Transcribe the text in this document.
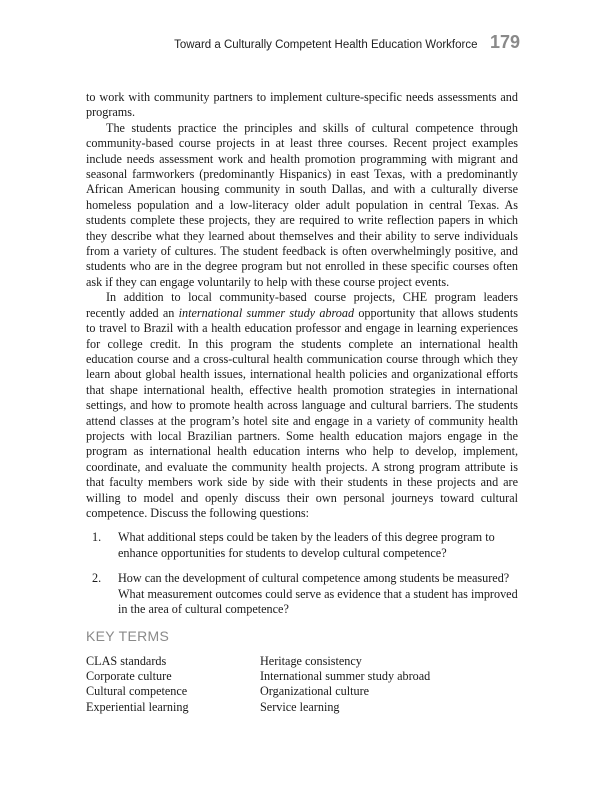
Toward a Culturally Competent Health Education Workforce 179

to work with community partners to implement culture-specific needs assessments and programs.

The students practice the principles and skills of cultural competence through community-based course projects in at least three courses. Recent project examples include needs assessment work and health promotion programming with migrant and seasonal farmworkers (predominantly Hispanics) in east Texas, with a predominantly African American housing community in south Dallas, and with a culturally diverse homeless population and a low-literacy older adult population in central Texas. As students complete these projects, they are required to write reflection papers in which they describe what they learned about themselves and their ability to serve individuals from a variety of cultures. The student feedback is often overwhelmingly positive, and students who are in the degree program but not enrolled in these specific courses often ask if they can engage voluntarily to help with these course project events.

In addition to local community-based course projects, CHE program leaders recently added an international summer study abroad opportunity that allows students to travel to Brazil with a health education professor and engage in learning experiences for college credit. In this program the students complete an international health education course and a cross-cultural health communication course through which they learn about global health issues, international health policies and organizational efforts that shape international health, effective health promotion strategies in international settings, and how to promote health across language and cultural barriers. The students attend classes at the program’s hotel site and engage in a variety of community health projects with local Brazilian partners. Some health education majors engage in the program as international health education interns who help to develop, implement, coordinate, and evaluate the community health projects. A strong program attribute is that faculty members work side by side with their students in these projects and are willing to model and openly discuss their own personal journeys toward cultural competence. Discuss the following questions:

1. What additional steps could be taken by the leaders of this degree program to enhance opportunities for students to develop cultural competence?
2. How can the development of cultural competence among students be measured? What measurement outcomes could serve as evidence that a student has improved in the area of cultural competence?
KEY TERMS
CLAS standards	Heritage consistency
Corporate culture	International summer study abroad
Cultural competence	Organizational culture
Experiential learning	Service learning
